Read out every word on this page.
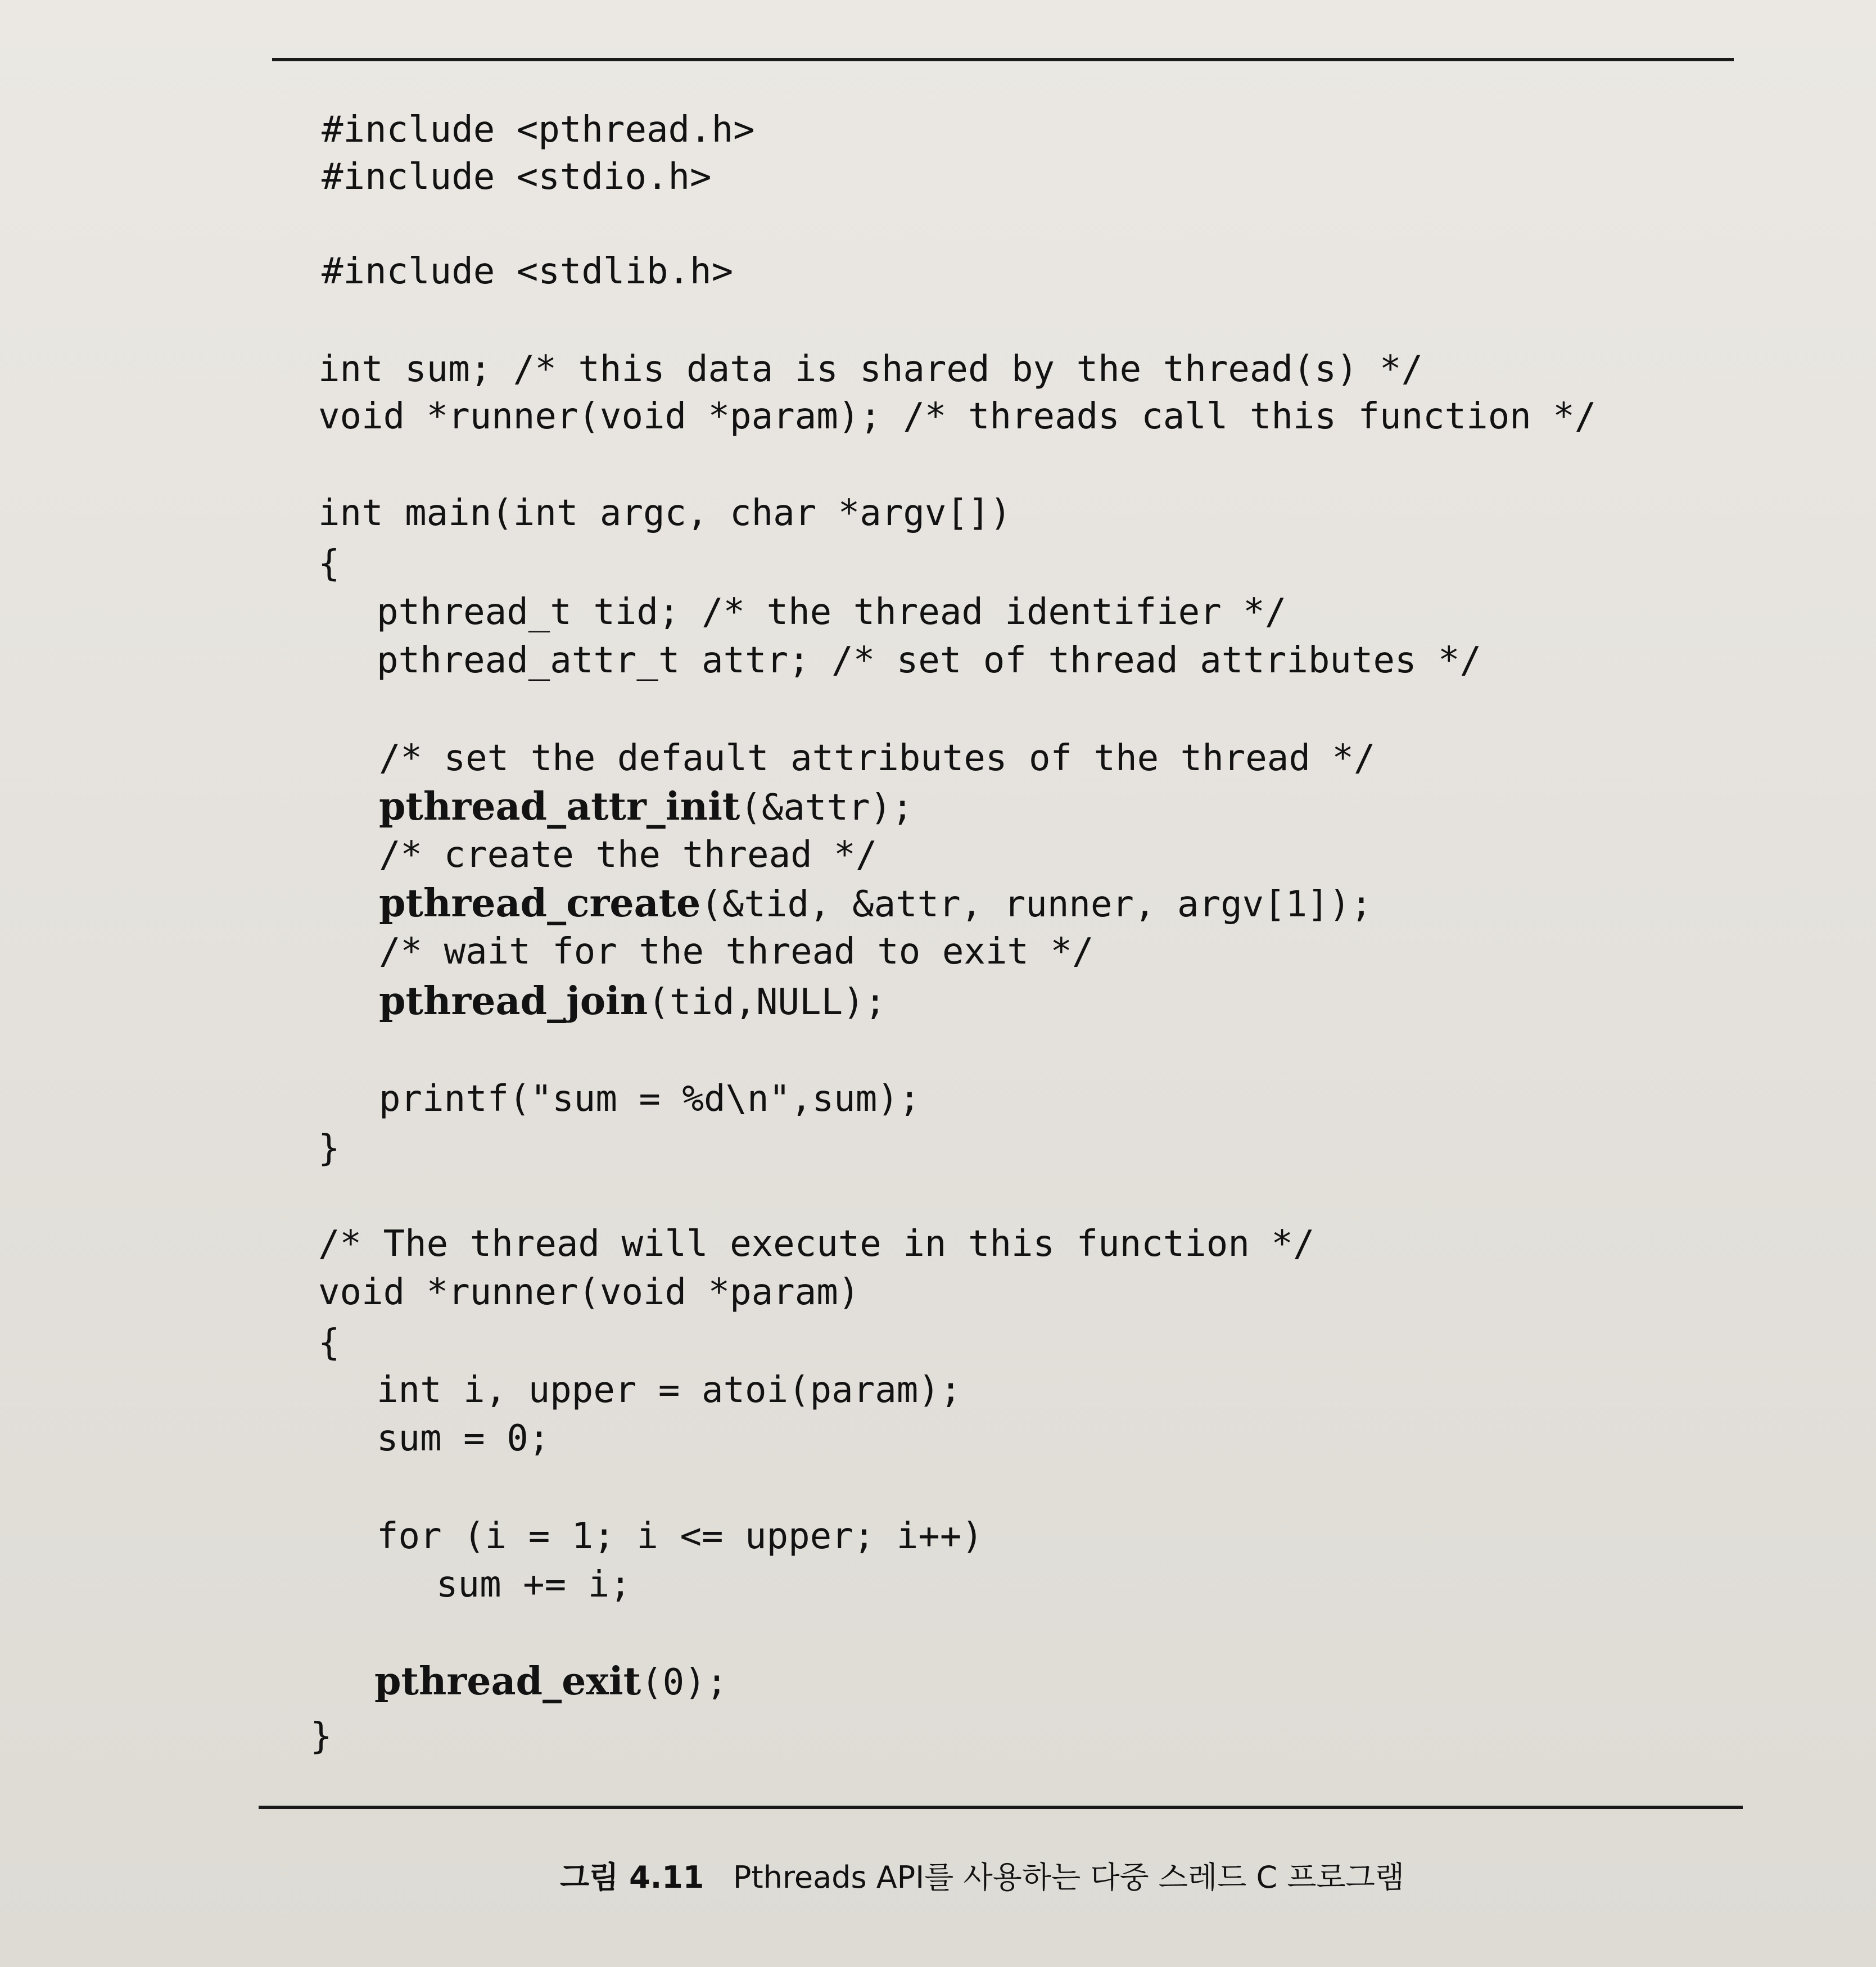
#include <pthread.h>
#include <stdio.h>
#include <stdlib.h>
int sum; /* this data is shared by the thread(s) */
void *runner(void *param); /* threads call this function */
int main(int argc, char *argv[])
{
pthread_t tid; /* the thread identifier */
pthread_attr_t attr; /* set of thread attributes */
/* set the default attributes of the thread */
pthread_attr_init(&attr);
/* create the thread */
pthread_create(&tid, &attr, runner, argv[1]);
/* wait for the thread to exit */
pthread_join(tid,NULL);
printf("sum = %d\n",sum);
}
/* The thread will execute in this function */
void *runner(void *param)
{
int i, upper = atoi(param);
sum = 0;
for (i = 1; i <= upper; i++)
sum += i;
pthread_exit(0);
}
그림 4.11 Pthreads API를 사용하는 다중 스레드 C 프로그램
